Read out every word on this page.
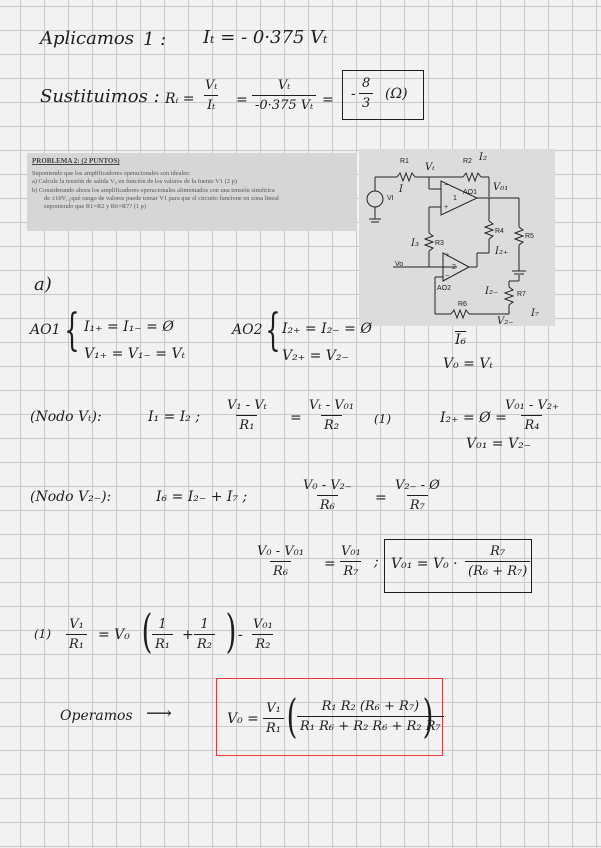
Aplicamos 1 : Iₜ = - 0·375 Vₜ
Sustituimos : Rᵢ = $\frac{\text{Vₜ}}{\text{Iₜ}} = \frac{\text{Vₜ}}{\text{-0·375 Vₜ}}$ = - $\frac{8}{3} (\Omega)$
PROBLEMA 2: (2 PUNTOS)
Suponiendo que los amplificadores operacionales son ideales:
a) Calcule la tensión de salida V₀ en función de los valores de la fuente V1 (2 p)
b) Considerando ahora los amplificadores operacionales alimentados con una tensión simétrica
de ±10V, ¿qué rango de valores puede tomar V1 para que el circuito funcione en zona lineal
suponiendo que R1=R2 y R6=R7? (1 p)
R1	R2
R3
R4
R5
R6
R7
AO1
AO2
VI
Vo
1
2
−
+
+
−
Vₜ
I
I₂
V₀₁
I₃
I₂₊
I₂₋
I₇
V₂₋
a)
AO1 { I₁₊ = I₁₋ = Ø
V₁₊ = V₁₋ = Vₜ
AO2 { I₂₊ = I₂₋ = Ø
V₂₊ = V₂₋
I₆
V₀ = Vₜ
(Nodo Vₜ):	I₁ = I₂ ; $\frac{\text{V₁ - Vₜ}}{\text{R₁}} = \frac{\text{Vₜ - V₀₁}}{\text{R₂}} (1)$	I₂₊ = Ø =
$\frac{\text{V₀₁ - V₂₊}}{\text{R₄}}$
V₀₁ = V₂₋
(Nodo V₂₋):	I₆ = I₂₋ + I₇ ;	$\frac{\text{V₀ - V₂₋}}{\text{R₆}} = \frac{\text{V₂₋ - Ø}}{\text{R₇}}$
$\frac{\text{V₀ - V₀₁}}{\text{R₆}} = \frac{\text{V₀₁}}{\text{R₇}}$ ; $V_{01} = V_0 \cdot \frac{\text{R₇}}{\text{(R₆ + R₇)}}$
$(1) \frac{\text{V₁}}{\text{R₁}} = V_0$ ( $\frac{1}{\text{R₁}} + \frac{1}{\text{R₂}}$ ) - $\frac{\text{V₀₁}}{\text{R₂}}$
Operamos ⟶	$V_0 = \frac{\text{V₁}}{\text{R₁}}$ ( $\frac{\text{R₁ R₂ (R₆ + R₇)}}{\text{R₁ R₆ + R₂ R₆ + R₂ R₇}}$
)
